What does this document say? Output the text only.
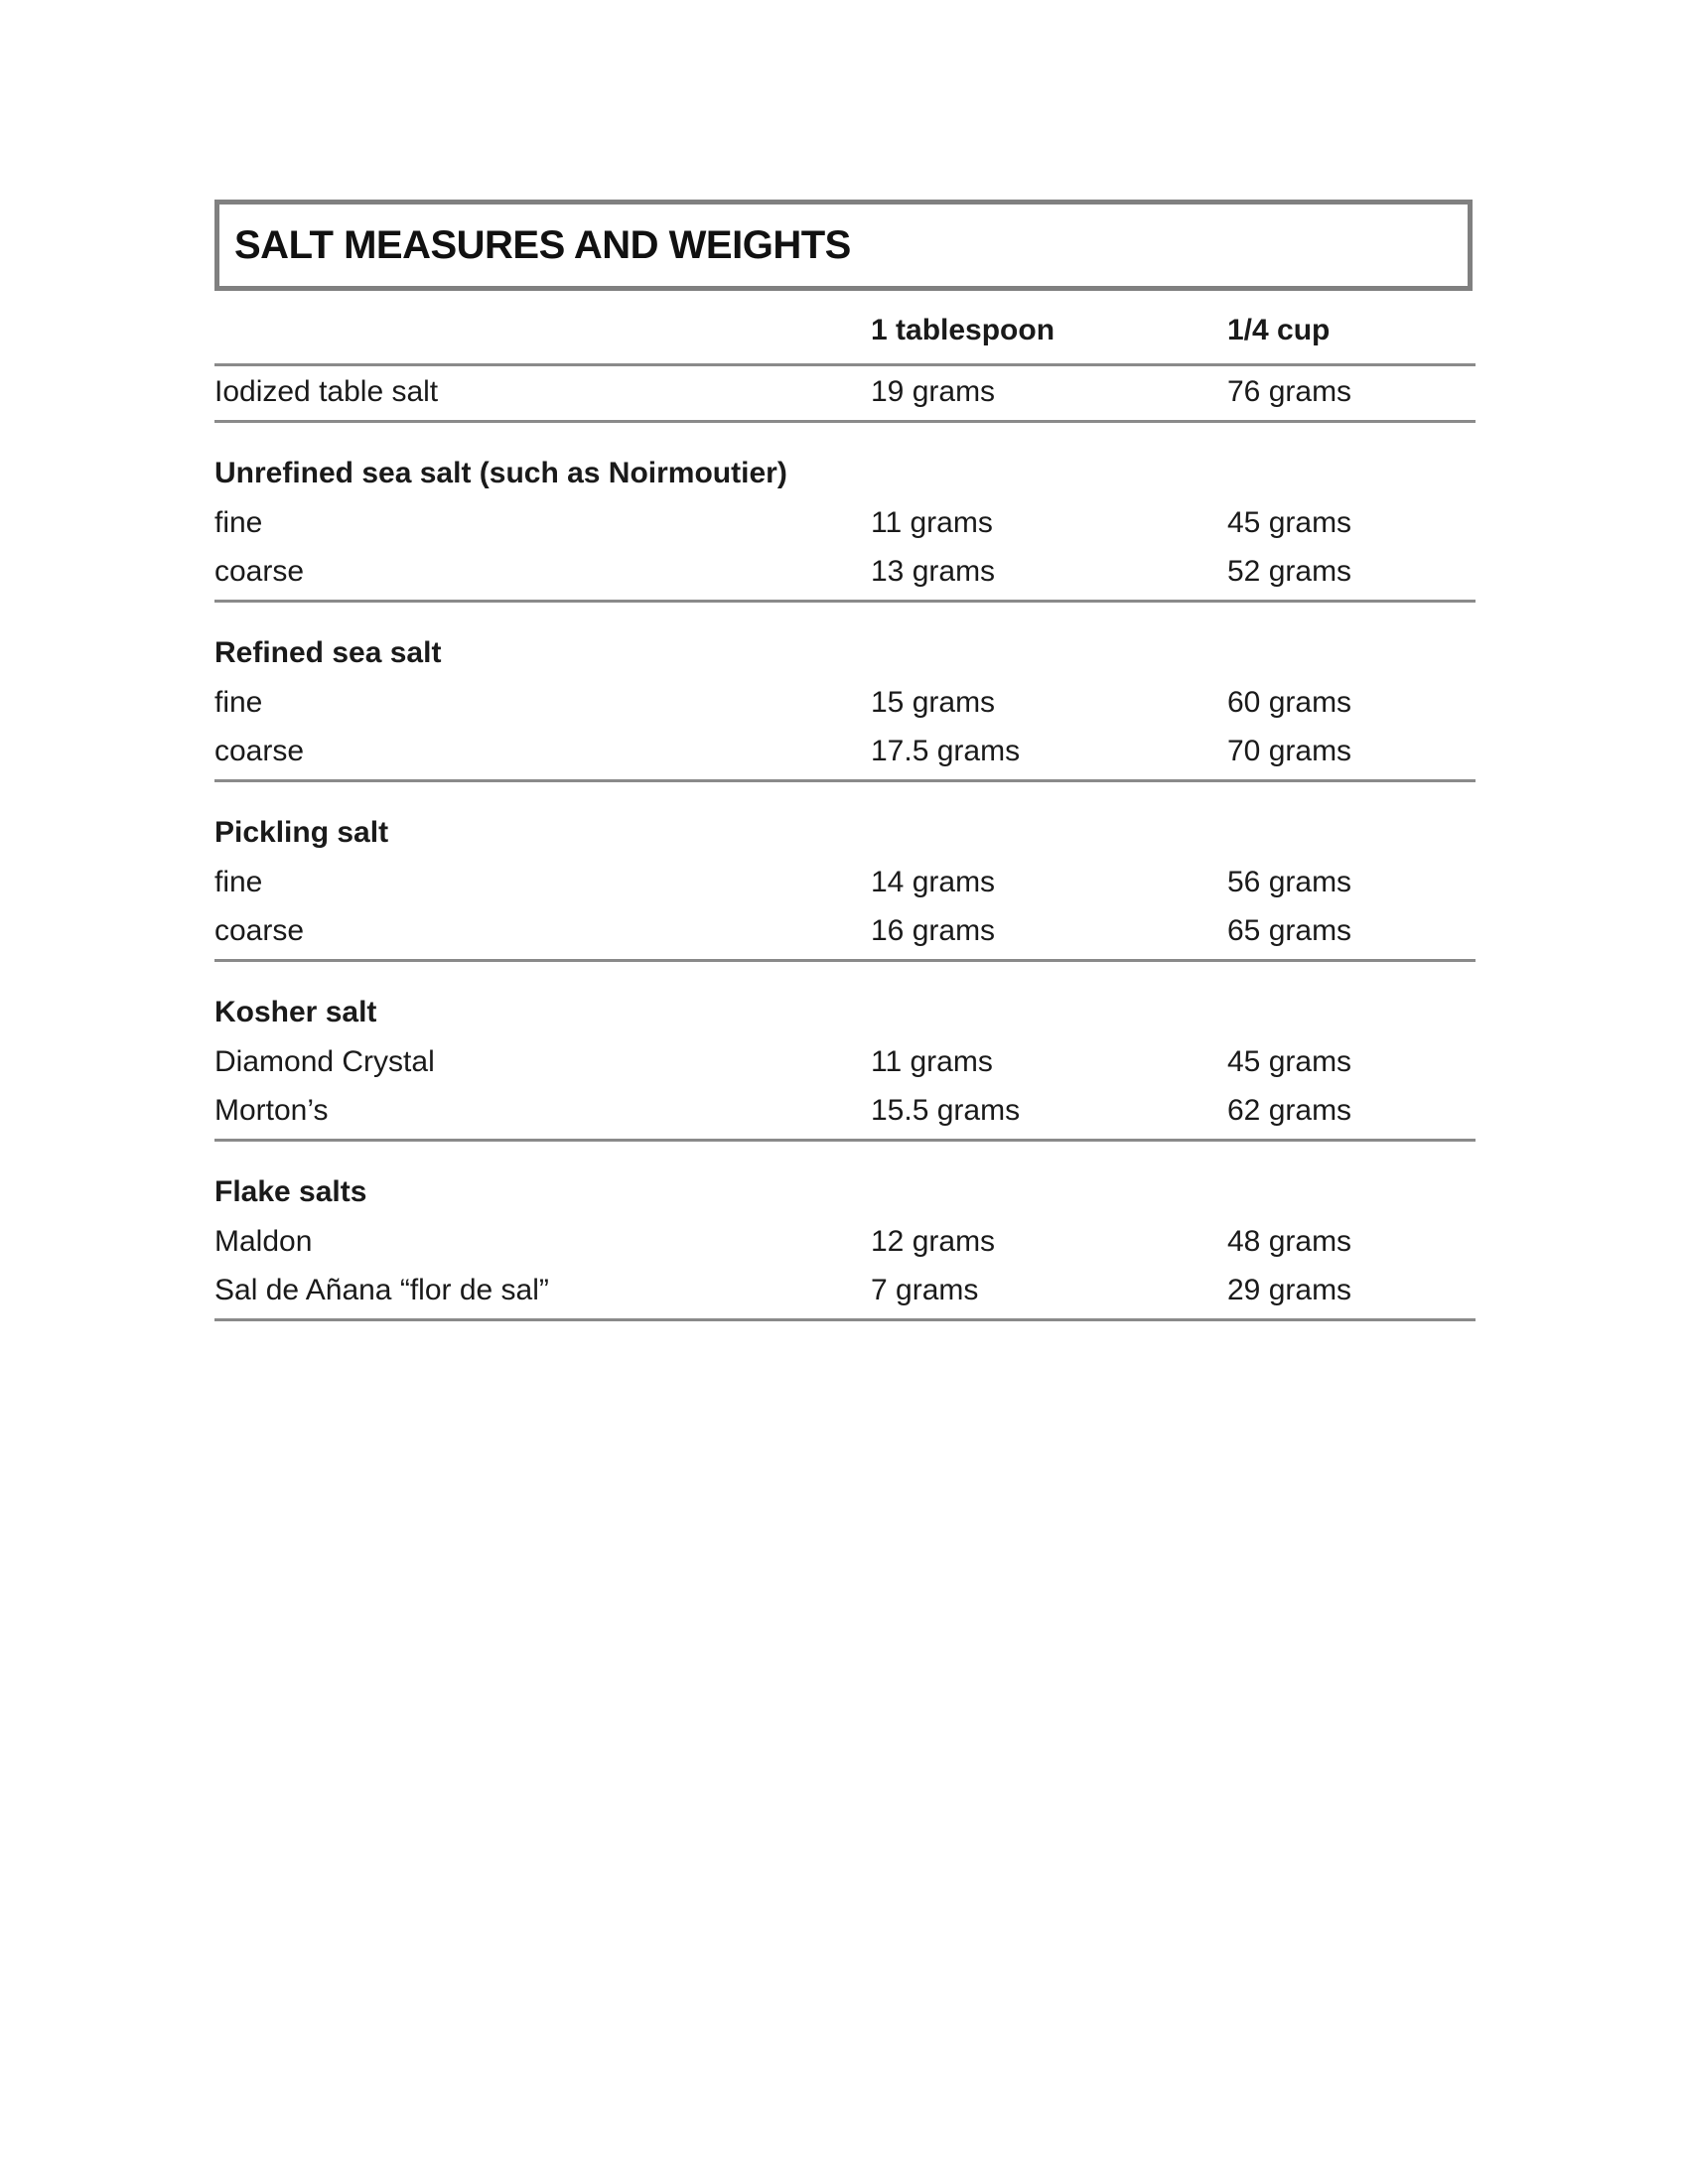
SALT MEASURES AND WEIGHTS
1 tablespoon	1/4 cup
Iodized table salt	19 grams	76 grams
Unrefined sea salt (such as Noirmoutier)
fine	11 grams	45 grams
coarse	13 grams	52 grams
Refined sea salt
fine	15 grams	60 grams
coarse	17.5 grams	70 grams
Pickling salt
fine	14 grams	56 grams
coarse	16 grams	65 grams
Kosher salt
Diamond Crystal	11 grams	45 grams
Morton’s	15.5 grams	62 grams
Flake salts
Maldon	12 grams	48 grams
Sal de Añana “flor de sal”	7 grams	29 grams
